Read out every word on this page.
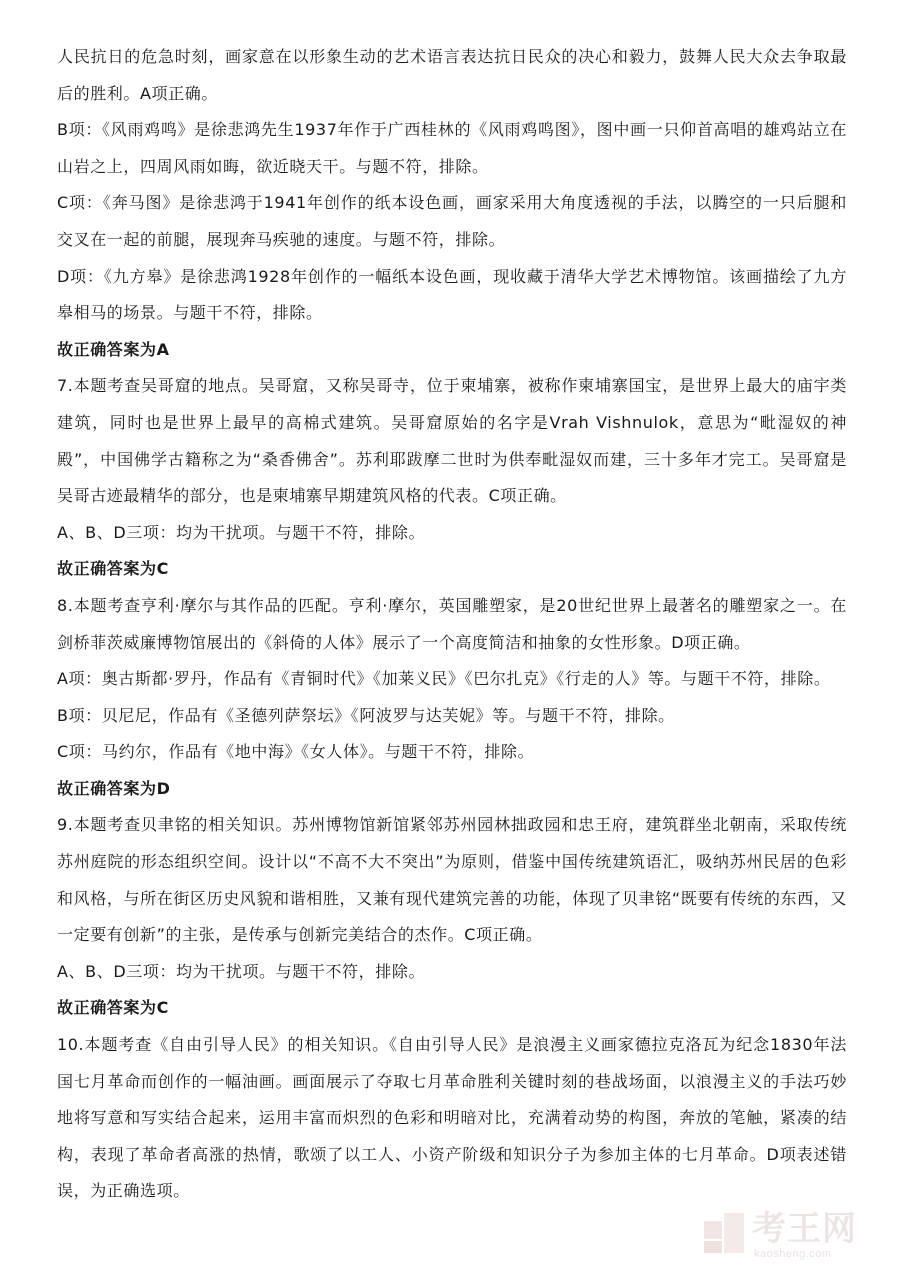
人民抗日的危急时刻，画家意在以形象生动的艺术语言表达抗日民众的决心和毅力，鼓舞人民大众去争取最后的胜利。A项正确。

B项：《风雨鸡鸣》是徐悲鸿先生1937年作于广西桂林的《风雨鸡鸣图》，图中画一只仰首高唱的雄鸡站立在山岩之上，四周风雨如晦，欲近晓天干。与题不符，排除。

C项：《奔马图》是徐悲鸿于1941年创作的纸本设色画，画家采用大角度透视的手法，以腾空的一只后腿和交叉在一起的前腿，展现奔马疾驰的速度。与题不符，排除。

D项：《九方皋》是徐悲鸿1928年创作的一幅纸本设色画，现收藏于清华大学艺术博物馆。该画描绘了九方皋相马的场景。与题干不符，排除。

故正确答案为A

7.本题考查吴哥窟的地点。吴哥窟，又称吴哥寺，位于柬埔寨，被称作柬埔寨国宝，是世界上最大的庙宇类建筑，同时也是世界上最早的高棉式建筑。吴哥窟原始的名字是Vrah Vishnulok，意思为“毗湿奴的神殿”，中国佛学古籍称之为“桑香佛舍”。苏利耶跋摩二世时为供奉毗湿奴而建，三十多年才完工。吴哥窟是吴哥古迹最精华的部分，也是柬埔寨早期建筑风格的代表。C项正确。

A、B、D三项：均为干扰项。与题干不符，排除。

故正确答案为C

8.本题考查亨利·摩尔与其作品的匹配。亨利·摩尔，英国雕塑家，是20世纪世界上最著名的雕塑家之一。在剑桥菲茨威廉博物馆展出的《斜倚的人体》展示了一个高度简洁和抽象的女性形象。D项正确。

A项：奥古斯都·罗丹，作品有《青铜时代》《加莱义民》《巴尔扎克》《行走的人》等。与题干不符，排除。

B项：贝尼尼，作品有《圣德列萨祭坛》《阿波罗与达芙妮》等。与题干不符，排除。

C项：马约尔，作品有《地中海》《女人体》。与题干不符，排除。

故正确答案为D

9.本题考查贝聿铭的相关知识。苏州博物馆新馆紧邻苏州园林拙政园和忠王府，建筑群坐北朝南，采取传统苏州庭院的形态组织空间。设计以“不高不大不突出”为原则，借鉴中国传统建筑语汇，吸纳苏州民居的色彩和风格，与所在街区历史风貌和谐相胜，又兼有现代建筑完善的功能，体现了贝聿铭“既要有传统的东西，又一定要有创新”的主张，是传承与创新完美结合的杰作。C项正确。

A、B、D三项：均为干扰项。与题干不符，排除。

故正确答案为C

10.本题考查《自由引导人民》的相关知识。《自由引导人民》是浪漫主义画家德拉克洛瓦为纪念1830年法国七月革命而创作的一幅油画。画面展示了夺取七月革命胜利关键时刻的巷战场面，以浪漫主义的手法巧妙地将写意和写实结合起来，运用丰富而炽烈的色彩和明暗对比，充满着动势的构图，奔放的笔触，紧凑的结构，表现了革命者高涨的热情，歌颂了以工人、小资产阶级和知识分子为参加主体的七月革命。D项表述错误，为正确选项。

考王网
kaosheng.com
